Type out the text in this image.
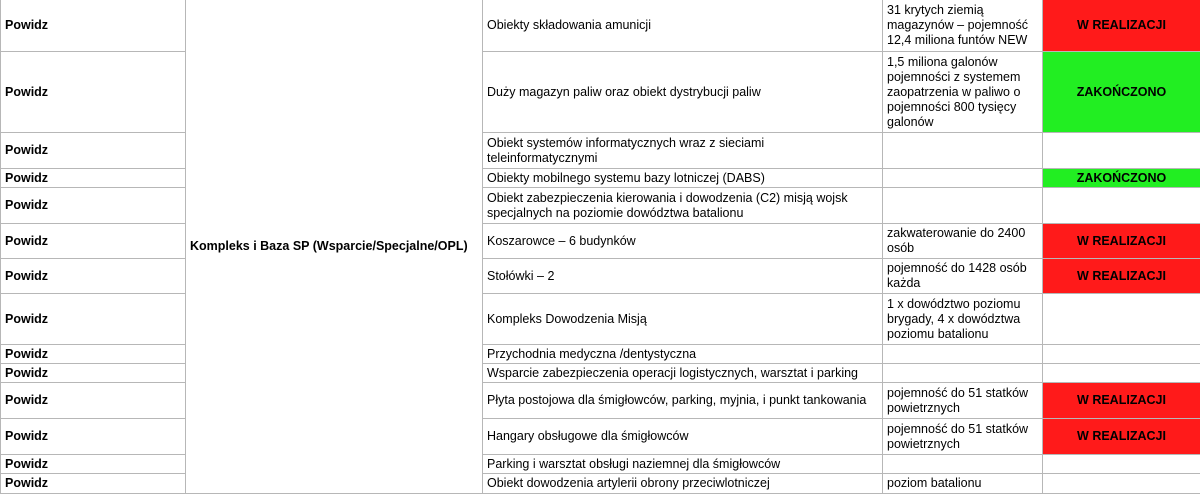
Powidz	Kompleks i Baza SP (Wsparcie/Specjalne/OPL)	Obiekty składowania amunicji	31 krytych ziemią magazynów – pojemność 12,4 miliona funtów NEW	W REALIZACJI
Powidz		Duży magazyn paliw oraz obiekt dystrybucji paliw	1,5 miliona galonów pojemności z systemem zaopatrzenia w paliwo o pojemności 800 tysięcy galonów	ZAKOŃCZONO
Powidz		Obiekt systemów informatycznych wraz z sieciami teleinformatycznymi		
Powidz		Obiekty mobilnego systemu bazy lotniczej (DABS)		ZAKOŃCZONO
Powidz		Obiekt zabezpieczenia kierowania i dowodzenia (C2) misją wojsk specjalnych na poziomie dowództwa batalionu		
Powidz		Koszarowce – 6 budynków	zakwaterowanie do 2400 osób	W REALIZACJI
Powidz		Stołówki – 2	pojemność do 1428 osób każda	W REALIZACJI
Powidz		Kompleks Dowodzenia Misją	1 x dowództwo poziomu brygady, 4 x dowództwa poziomu batalionu	
Powidz		Przychodnia medyczna /dentystyczna		
Powidz		Wsparcie zabezpieczenia operacji logistycznych, warsztat i parking		
Powidz		Płyta postojowa dla śmigłowców, parking, myjnia, i punkt tankowania	pojemność do 51 statków powietrznych	W REALIZACJI
Powidz		Hangary obsługowe dla śmigłowców	pojemność do 51 statków powietrznych	W REALIZACJI
Powidz		Parking i warsztat obsługi naziemnej dla śmigłowców		
Powidz		Obiekt dowodzenia artylerii obrony przeciwlotniczej	poziom batalionu	
